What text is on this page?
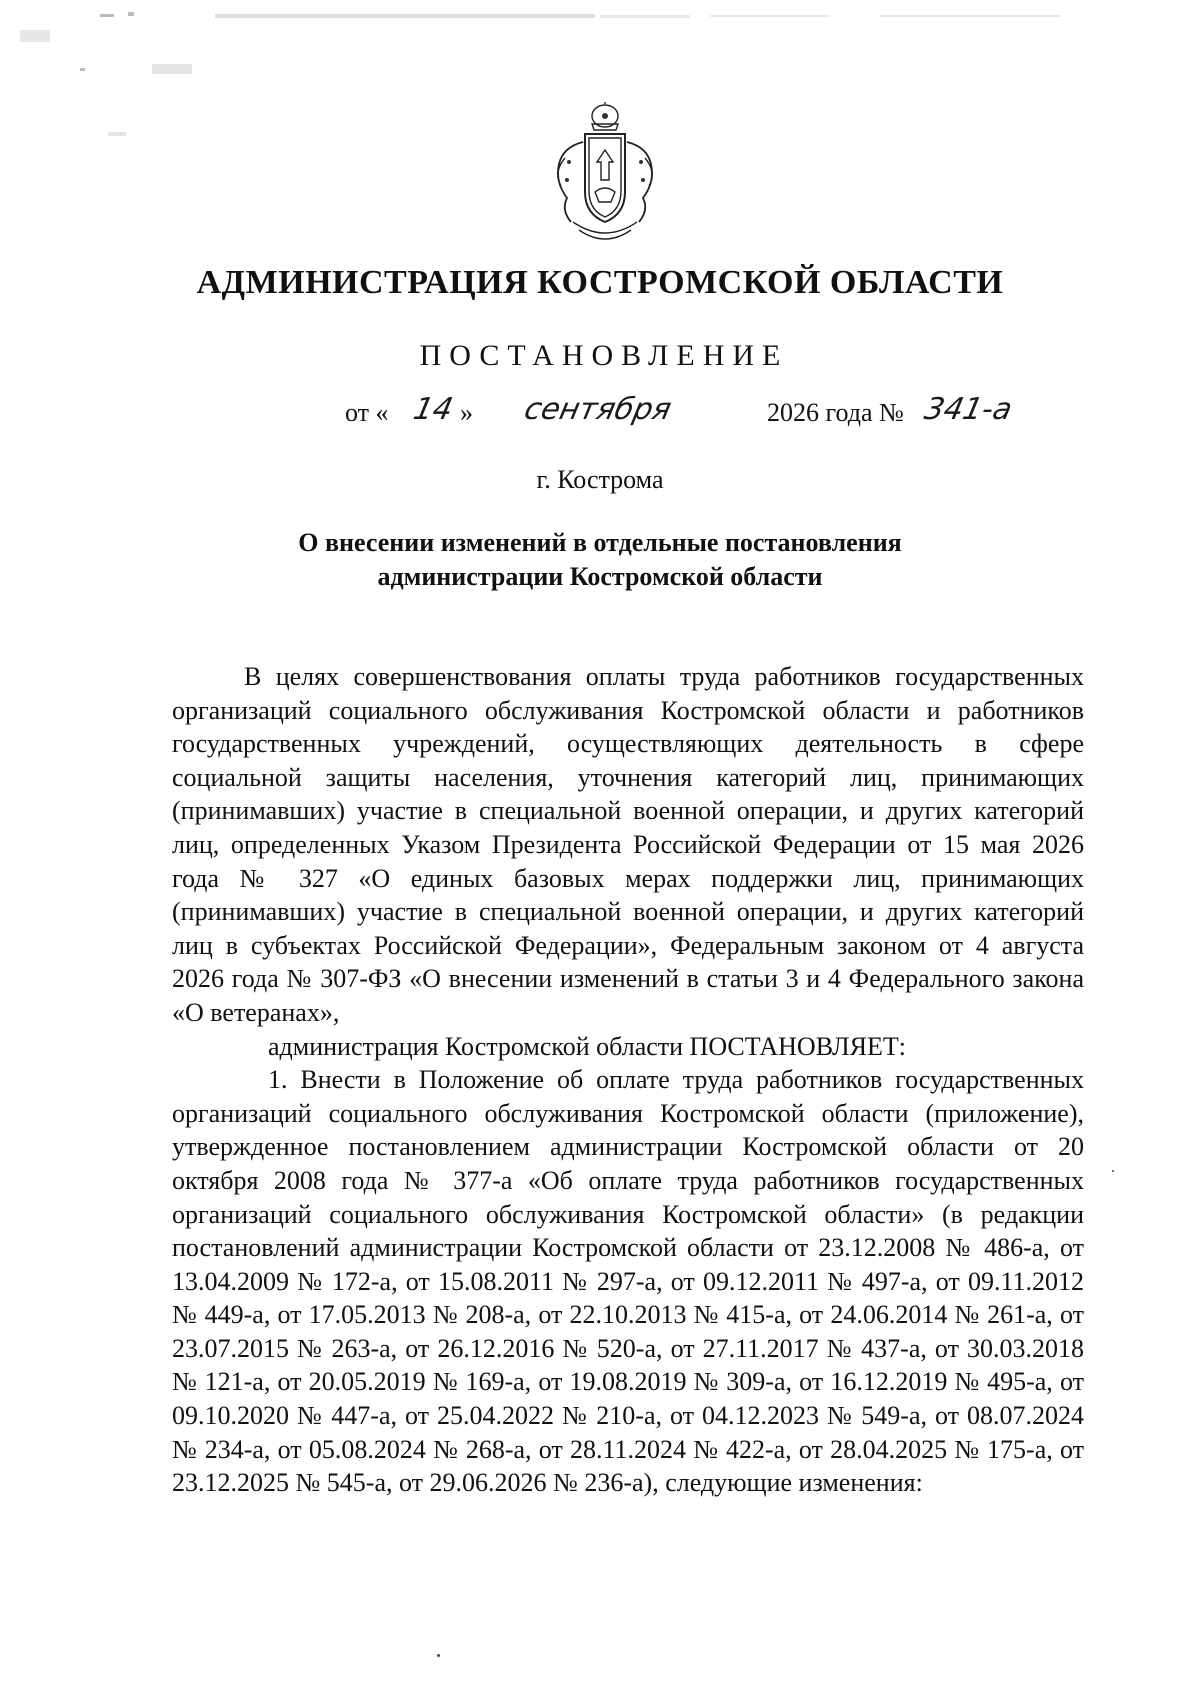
АДМИНИСТРАЦИЯ КОСТРОМСКОЙ ОБЛАСТИ
ПОСТАНОВЛЕНИЕ
от « 14 » сентября	2026 года № 341-а
г. Кострома
О внесении изменений в отдельные постановления
администрации Костромской области

В целях совершенствования оплаты труда работников государственных организаций социального обслуживания Костромской области и работников государственных учреждений, осуществляющих деятельность в сфере социальной защиты населения, уточнения категорий лиц, принимающих (принимавших) участие в специальной военной операции, и других категорий лиц, определенных Указом Президента Российской Федерации от 15 мая 2026 года № 327 «О единых базовых мерах поддержки лиц, принимающих (принимавших) участие в специальной военной операции, и других категорий лиц в субъектах Российской Федерации», Федеральным законом от 4 августа 2026 года № 307-ФЗ «О внесении изменений в статьи 3 и 4 Федерального закона «О ветеранах»,

администрация Костромской области ПОСТАНОВЛЯЕТ:

1. Внести в Положение об оплате труда работников государственных организаций социального обслуживания Костромской области (приложение), утвержденное постановлением администрации Костромской области от 20 октября 2008 года № 377-а «Об оплате труда работников государственных организаций социального обслуживания Костромской области» (в редакции постановлений администрации Костромской области от 23.12.2008 № 486-а, от 13.04.2009 № 172-а, от 15.08.2011 № 297-а, от 09.12.2011 № 497-а, от 09.11.2012 № 449-а, от 17.05.2013 № 208-а, от 22.10.2013 № 415-а, от 24.06.2014 № 261-а, от 23.07.2015 № 263-а, от 26.12.2016 № 520-а, от 27.11.2017 № 437-а, от 30.03.2018 № 121-а, от 20.05.2019 № 169-а, от 19.08.2019 № 309-а, от 16.12.2019 № 495-а, от 09.10.2020 № 447-а, от 25.04.2022 № 210-а, от 04.12.2023 № 549-а, от 08.07.2024 № 234-а, от 05.08.2024 № 268-а, от 28.11.2024 № 422-а, от 28.04.2025 № 175-а, от 23.12.2025 № 545-а, от 29.06.2026 № 236-а), следующие изменения:
